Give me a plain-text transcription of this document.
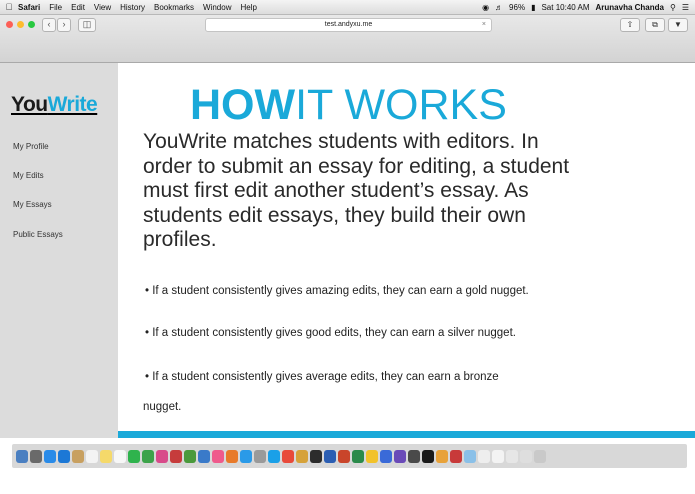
Safari File Edit View History Bookmarks Window Help	◉ ♬ 96% ▮ Sat 10:40 AM Arunavha Chanda ⚲ ☰
‹	›	◫	test.andyxu.me	×	⇧	⧉	▼
YouWrite
My Profile
My Edits
My Essays
Public Essays
HOWIT WORKS
YouWrite matches students with editors. In order to submit an essay for editing, a student must first edit another student’s essay. As students edit essays, they build their own profiles.
• If a student consistently gives amazing edits, they can earn a gold nugget.
• If a student consistently gives good edits, they can earn a silver nugget.
• If a student consistently gives average edits, they can earn a bronze
nugget.
